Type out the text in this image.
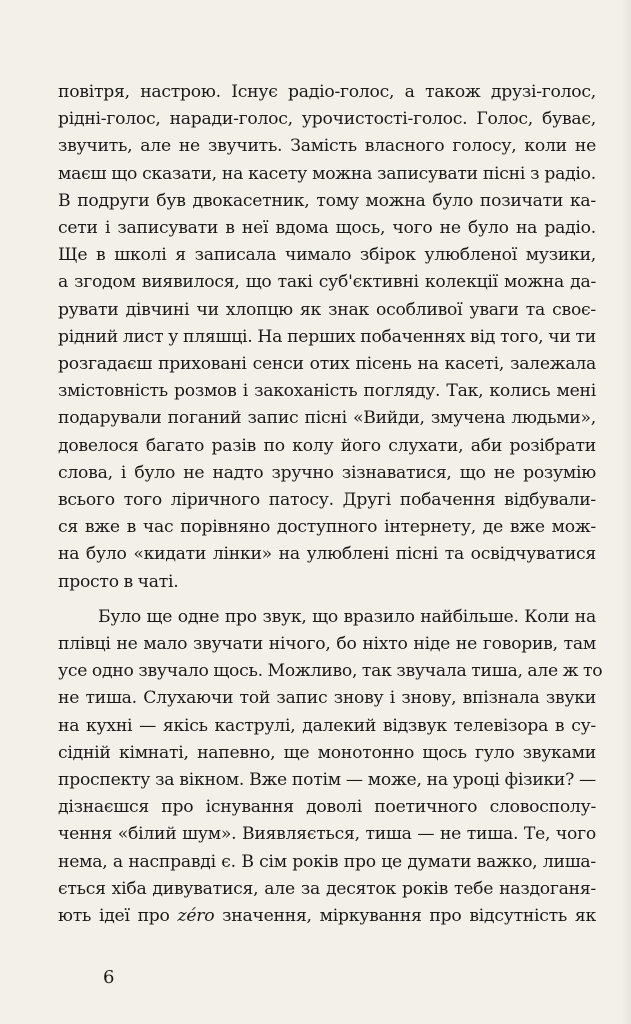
повітря, настрою. Існує радіо-голос, а також друзі-голос,
рідні-голос, наради-голос, урочистості-голос. Голос, буває,
звучить, але не звучить. Замість власного голосу, коли не
маєш що сказати, на касету можна записувати пісні з радіо.
В подруги був двокасетник, тому можна було позичати ка-
сети і записувати в неї вдома щось, чого не було на радіо.
Ще в школі я записала чимало збірок улюбленої музики,
а згодом виявилося, що такі суб'єктивні колекції можна да-
рувати дівчині чи хлопцю як знак особливої уваги та своє-
рідний лист у пляшці. На перших побаченнях від того, чи ти
розгадаєш приховані сенси отих пісень на касеті, залежала
змістовність розмов і закоханість погляду. Так, колись мені
подарували поганий запис пісні «Вийди, змучена людьми»,
довелося багато разів по колу його слухати, аби розібрати
слова, і було не надто зручно зізнаватися, що не розумію
всього того ліричного патосу. Другі побачення відбували-
ся вже в час порівняно доступного інтернету, де вже мож-
на було «кидати лінки» на улюблені пісні та освідчуватися
просто в чаті.
Було ще одне про звук, що вразило найбільше. Коли на
плівці не мало звучати нічого, бо ніхто ніде не говорив, там
усе одно звучало щось. Можливо, так звучала тиша, але ж то
не тиша. Слухаючи той запис знову і знову, впізнала звуки
на кухні — якісь каструлі, далекий відзвук телевізора в су-
сідній кімнаті, напевно, ще монотонно щось гуло звуками
проспекту за вікном. Вже потім — може, на уроці фізики? —
дізнаєшся про існування доволі поетичного словосполу-
чення «білий шум». Виявляється, тиша — не тиша. Те, чого
нема, а насправді є. В сім років про це думати важко, лиша-
ється хіба дивуватися, але за десяток років тебе наздоганя-
ють ідеї про zéro значення, міркування про відсутність як
6
